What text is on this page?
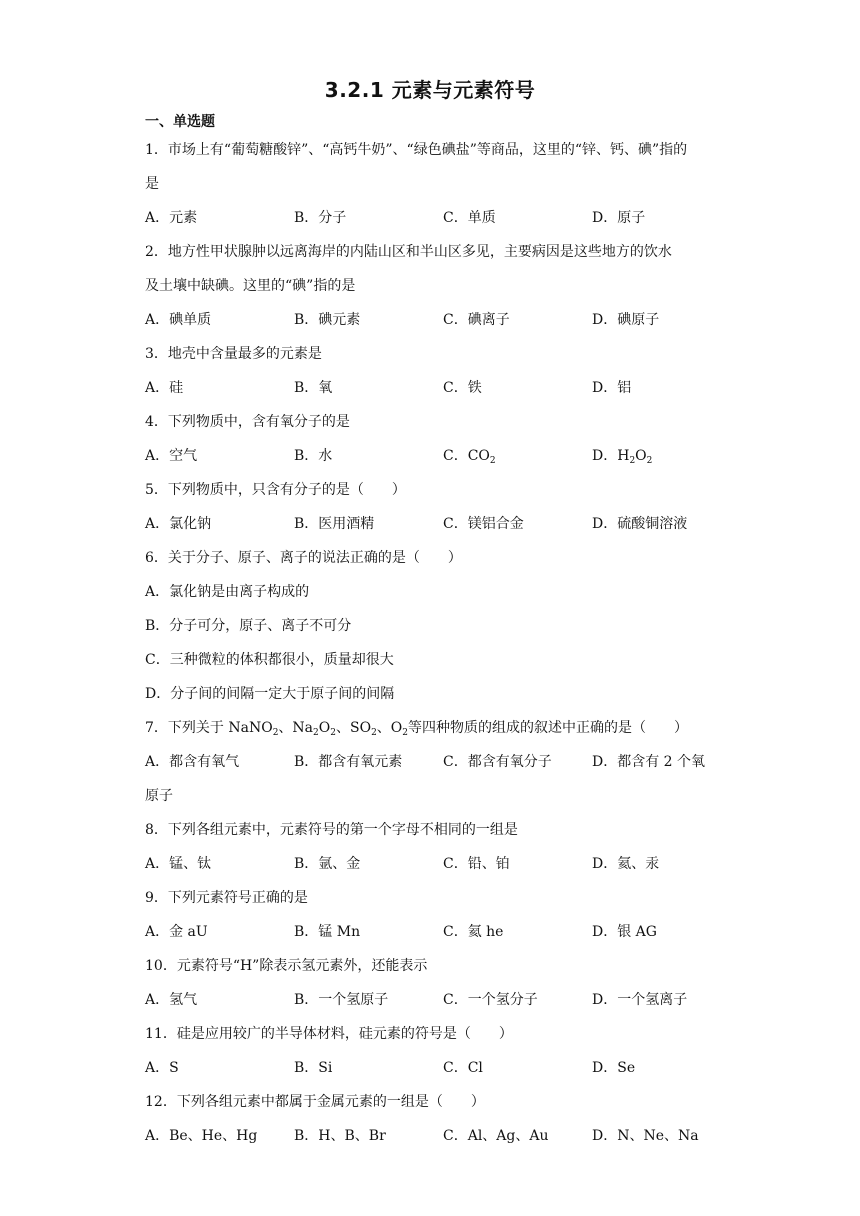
3.2.1 元素与元素符号
一、单选题
1．市场上有“葡萄糖酸锌”、“高钙牛奶”、“绿色碘盐”等商品，这里的“锌、钙、碘”指的
是
A．元素	B．分子	C．单质	D．原子
2．地方性甲状腺肿以远离海岸的内陆山区和半山区多见，主要病因是这些地方的饮水
及土壤中缺碘。这里的“碘”指的是
A．碘单质	B．碘元素	C．碘离子	D．碘原子
3．地壳中含量最多的元素是
A．硅	B．氧	C．铁	D．铝
4．下列物质中，含有氧分子的是
A．空气	B．水	C．$CO_2$	D．$H_2O_2$
5．下列物质中，只含有分子的是（　　）
A．氯化钠	B．医用酒精	C．镁铝合金	D．硫酸铜溶液
6．关于分子、原子、离子的说法正确的是（　　）
A．氯化钠是由离子构成的
B．分子可分，原子、离子不可分
C．三种微粒的体积都很小，质量却很大
D．分子间的间隔一定大于原子间的间隔
7．下列关于 NaNO$_2$、$Na_2O_2$、$SO_2$、$O_2$等四种物质的组成的叙述中正确的是（　　）
A．都含有氧气	B．都含有氧元素	C．都含有氧分子	D．都含有 2 个氧
原子
8．下列各组元素中，元素符号的第一个字母不相同的一组是
A．锰、钛	B．氩、金	C．铅、铂	D．氦、汞
9．下列元素符号正确的是
A．金 aU	B．锰 Mn	C．氦 he	D．银 AG
10．元素符号“H”除表示氢元素外，还能表示
A．氢气	B．一个氢原子	C．一个氢分子	D．一个氢离子
11．硅是应用较广的半导体材料，硅元素的符号是（　　）
A．S	B．Si	C．Cl	D．Se
12．下列各组元素中都属于金属元素的一组是（　　）
A．Be、He、Hg	B．H、B、Br	C．Al、Ag、Au	D．N、Ne、Na
